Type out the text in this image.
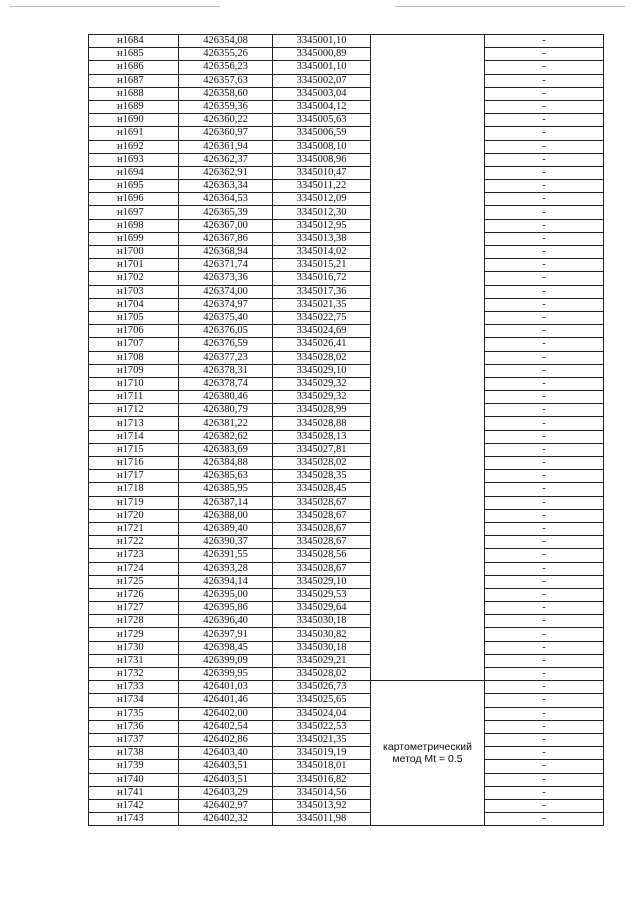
н1684	426354,08	3345001,10		-
н1685	426355,26	3345000,89		-
н1686	426356,23	3345001,10		-
н1687	426357,63	3345002,07		-
н1688	426358,60	3345003,04		-
н1689	426359,36	3345004,12		-
н1690	426360,22	3345005,63		-
н1691	426360,97	3345006,59		-
н1692	426361,94	3345008,10		-
н1693	426362,37	3345008,96		-
н1694	426362,91	3345010,47		-
н1695	426363,34	3345011,22		-
н1696	426364,53	3345012,09		-
н1697	426365,39	3345012,30		-
н1698	426367,00	3345012,95		-
н1699	426367,86	3345013,38		-
н1700	426368,94	3345014,02		-
н1701	426371,74	3345015,21		-
н1702	426373,36	3345016,72		-
н1703	426374,00	3345017,36		-
н1704	426374,97	3345021,35		-
н1705	426375,40	3345022,75		-
н1706	426376,05	3345024,69		-
н1707	426376,59	3345026,41		-
н1708	426377,23	3345028,02		-
н1709	426378,31	3345029,10		-
н1710	426378,74	3345029,32		-
н1711	426380,46	3345029,32		-
н1712	426380,79	3345028,99		-
н1713	426381,22	3345028,88		-
н1714	426382,62	3345028,13		-
н1715	426383,69	3345027,81		-
н1716	426384,88	3345028,02		-
н1717	426385,63	3345028,35		-
н1718	426385,95	3345028,45		-
н1719	426387,14	3345028,67		-
н1720	426388,00	3345028,67		-
н1721	426389,40	3345028,67		-
н1722	426390,37	3345028,67		-
н1723	426391,55	3345028,56		-
н1724	426393,28	3345028,67		-
н1725	426394,14	3345029,10		-
н1726	426395,00	3345029,53		-
н1727	426395,86	3345029,64		-
н1728	426396,40	3345030,18		-
н1729	426397,91	3345030,82		-
н1730	426398,45	3345030,18		-
н1731	426399,09	3345029,21		-
н1732	426399,95	3345028,02		-
н1733	426401,03	3345026,73	картометрический метод Mt = 0.5	-
н1734	426401,46	3345025,65		-
н1735	426402,00	3345024,04		-
н1736	426402,54	3345022,53		-
н1737	426402,86	3345021,35		-
н1738	426403,40	3345019,19		-
н1739	426403,51	3345018,01		-
н1740	426403,51	3345016,82		-
н1741	426403,29	3345014,56		-
н1742	426402,97	3345013,92		-
н1743	426402,32	3345011,98		-
